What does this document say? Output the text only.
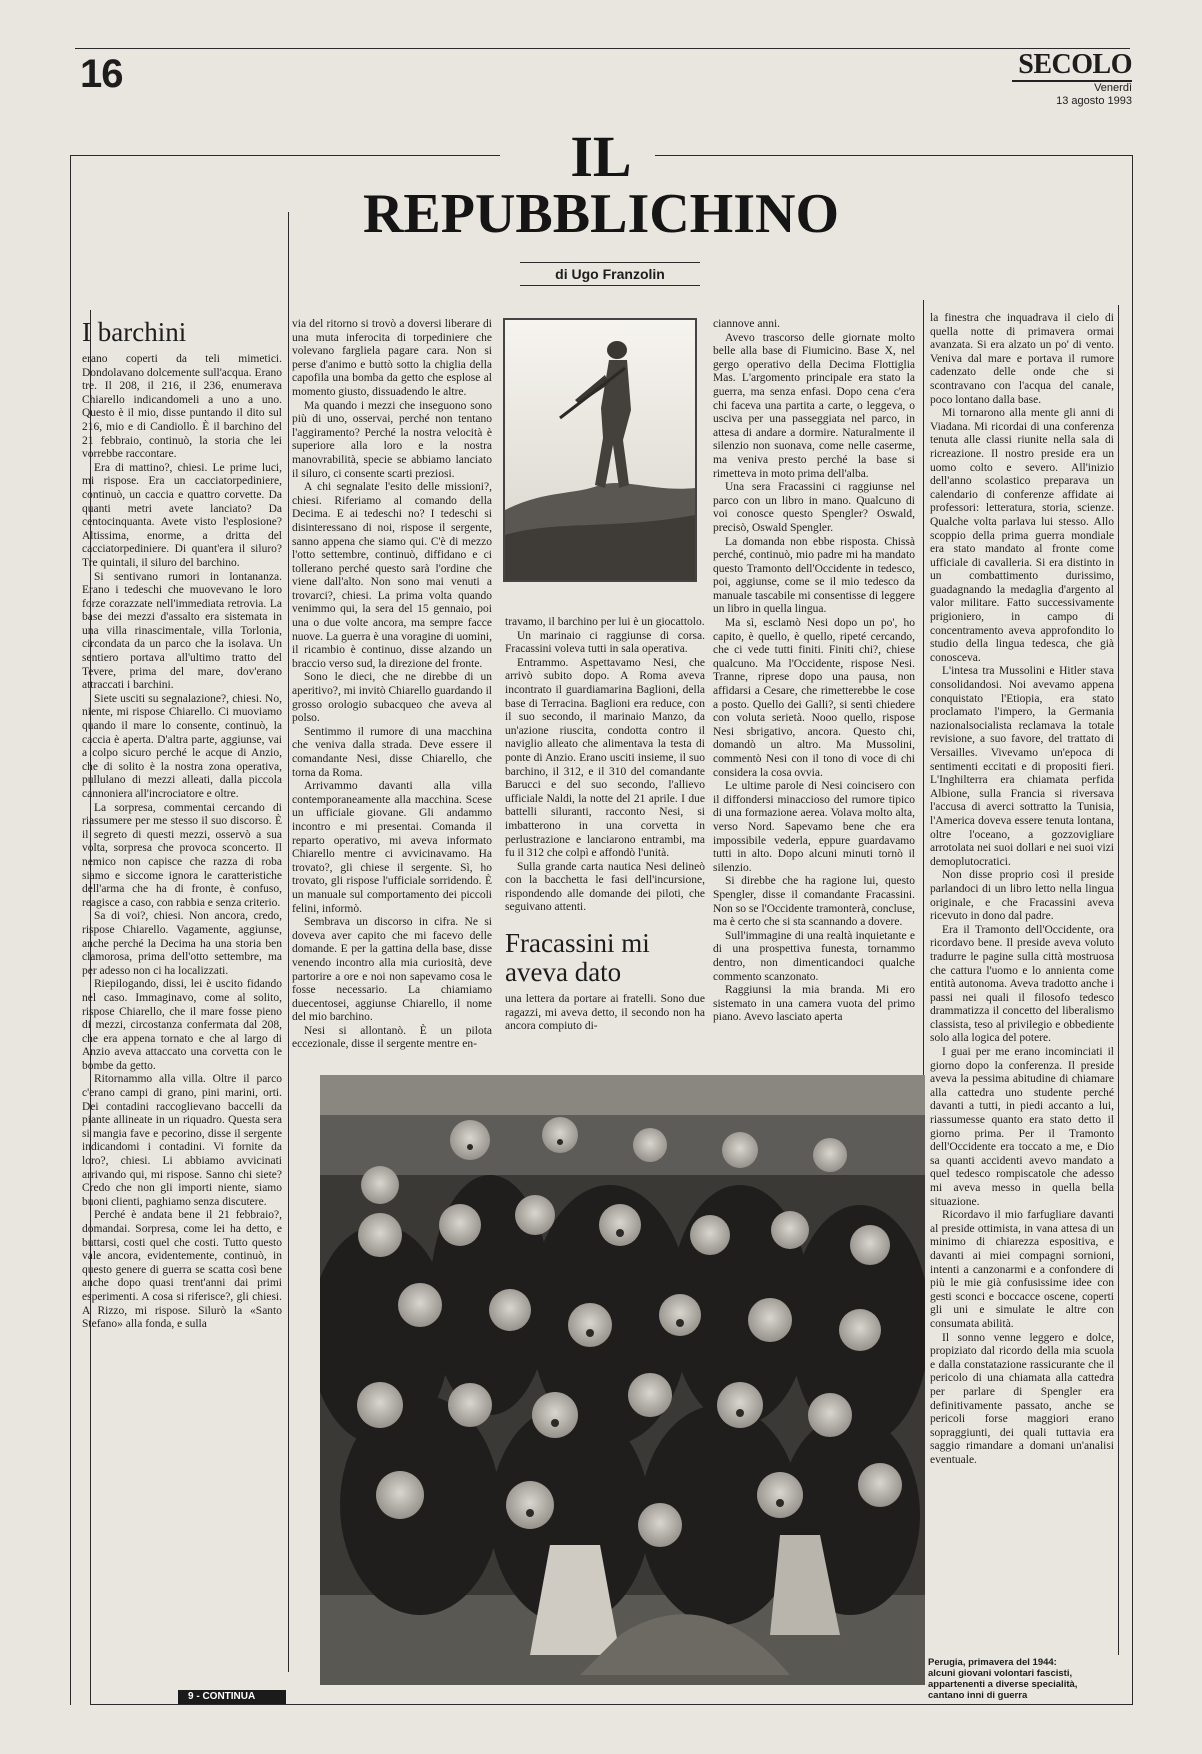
16	SECOLO
Venerdì
13 agosto 1993
IL
REPUBBLICHINO
di Ugo Franzolin
I barchini

erano coperti da teli mimetici. Dondolavano dolcemente sull'acqua. Erano tre. Il 208, il 216, il 236, enumerava Chiarello indicandomeli a uno a uno. Questo è il mio, disse puntando il dito sul 216, mio e di Candiollo. È il barchino del 21 febbraio, continuò, la storia che lei vorrebbe raccontare.

Era di mattino?, chiesi. Le prime luci, mi rispose. Era un cacciatorpediniere, continuò, un caccia e quattro corvette. Da quanti metri avete lanciato? Da centocinquanta. Avete visto l'esplosione? Altissima, enorme, a dritta del cacciatorpediniere. Di quant'era il siluro? Tre quintali, il siluro del barchino.

Si sentivano rumori in lontananza. Erano i tedeschi che muovevano le loro forze corazzate nell'immediata retrovia. La base dei mezzi d'assalto era sistemata in una villa rinascimentale, villa Torlonia, circondata da un parco che la isolava. Un sentiero portava all'ultimo tratto del Tevere, prima del mare, dov'erano attraccati i barchini.

Siete usciti su segnalazione?, chiesi. No, niente, mi rispose Chiarello. Ci muoviamo quando il mare lo consente, continuò, la caccia è aperta. D'altra parte, aggiunse, vai a colpo sicuro perché le acque di Anzio, che di solito è la nostra zona operativa, pullulano di mezzi alleati, dalla piccola cannoniera all'incrociatore e oltre.

La sorpresa, commentai cercando di riassumere per me stesso il suo discorso. È il segreto di questi mezzi, osservò a sua volta, sorpresa che provoca sconcerto. Il nemico non capisce che razza di roba siamo e siccome ignora le caratteristiche dell'arma che ha di fronte, è confuso, reagisce a caso, con rabbia e senza criterio.

Sa di voi?, chiesi. Non ancora, credo, rispose Chiarello. Vagamente, aggiunse, anche perché la Decima ha una storia ben clamorosa, prima dell'otto settembre, ma per adesso non ci ha localizzati.

Riepilogando, dissi, lei è uscito fidando nel caso. Immaginavo, come al solito, rispose Chiarello, che il mare fosse pieno di mezzi, circostanza confermata dal 208, che era appena tornato e che al largo di Anzio aveva attaccato una corvetta con le bombe da getto.

Ritornammo alla villa. Oltre il parco c'erano campi di grano, pini marini, orti. Dei contadini raccoglievano baccelli da piante allineate in un riquadro. Questa sera si mangia fave e pecorino, disse il sergente indicandomi i contadini. Vi fornite da loro?, chiesi. Li abbiamo avvicinati arrivando qui, mi rispose. Sanno chi siete? Credo che non gli importi niente, siamo buoni clienti, paghiamo senza discutere.

Perché è andata bene il 21 febbraio?, domandai. Sorpresa, come lei ha detto, e buttarsi, costi quel che costi. Tutto questo vale ancora, evidentemente, continuò, in questo genere di guerra se scatta così bene anche dopo quasi trent'anni dai primi esperimenti. A cosa si riferisce?, gli chiesi. A Rizzo, mi rispose. Silurò la «Santo Stefano» alla fonda, e sulla

via del ritorno si trovò a doversi liberare di una muta inferocita di torpediniere che volevano fargliela pagare cara. Non si perse d'animo e buttò sotto la chiglia della capofila una bomba da getto che esplose al momento giusto, dissuadendo le altre.

Ma quando i mezzi che inseguono sono più di uno, osservai, perché non tentano l'aggiramento? Perché la nostra velocità è superiore alla loro e la nostra manovrabilità, specie se abbiamo lanciato il siluro, ci consente scarti preziosi.

A chi segnalate l'esito delle missioni?, chiesi. Riferiamo al comando della Decima. E ai tedeschi no? I tedeschi si disinteressano di noi, rispose il sergente, sanno appena che siamo qui. C'è di mezzo l'otto settembre, continuò, diffidano e ci tollerano perché questo sarà l'ordine che viene dall'alto. Non sono mai venuti a trovarci?, chiesi. La prima volta quando venimmo qui, la sera del 15 gennaio, poi una o due volte ancora, ma sempre facce nuove. La guerra è una voragine di uomini, il ricambio è continuo, disse alzando un braccio verso sud, la direzione del fronte.

Sono le dieci, che ne direbbe di un aperitivo?, mi invitò Chiarello guardando il grosso orologio subacqueo che aveva al polso.

Sentimmo il rumore di una macchina che veniva dalla strada. Deve essere il comandante Nesi, disse Chiarello, che torna da Roma.

Arrivammo davanti alla villa contemporaneamente alla macchina. Scese un ufficiale giovane. Gli andammo incontro e mi presentai. Comanda il reparto operativo, mi aveva informato Chiarello mentre ci avvicinavamo. Ha trovato?, gli chiese il sergente. Sì, ho trovato, gli rispose l'ufficiale sorridendo. È un manuale sul comportamento dei piccoli felini, informò.

Sembrava un discorso in cifra. Ne si doveva aver capito che mi facevo delle domande. E per la gattina della base, disse venendo incontro alla mia curiosità, deve partorire a ore e noi non sapevamo cosa le fosse necessario. La chiamiamo duecentosei, aggiunse Chiarello, il nome del mio barchino.

Nesi si allontanò. È un pilota eccezionale, disse il sergente mentre en-

travamo, il barchino per lui è un giocattolo.

Un marinaio ci raggiunse di corsa. Fracassini voleva tutti in sala operativa.

Entrammo. Aspettavamo Nesi, che arrivò subito dopo. A Roma aveva incontrato il guardiamarina Baglioni, della base di Terracina. Baglioni era reduce, con il suo secondo, il marinaio Manzo, da un'azione riuscita, condotta contro il naviglio alleato che alimentava la testa di ponte di Anzio. Erano usciti insieme, il suo barchino, il 312, e il 310 del comandante Barucci e del suo secondo, l'allievo ufficiale Naldi, la notte del 21 aprile. I due battelli siluranti, racconto Nesi, si imbatterono in una corvetta in perlustrazione e lanciarono entrambi, ma fu il 312 che colpì e affondò l'unità.

Sulla grande carta nautica Nesi delineò con la bacchetta le fasi dell'incursione, rispondendo alle domande dei piloti, che seguivano attenti.

Fracassini mi aveva dato

una lettera da portare ai fratelli. Sono due ragazzi, mi aveva detto, il secondo non ha ancora compiuto di-

ciannove anni.

Avevo trascorso delle giornate molto belle alla base di Fiumicino. Base X, nel gergo operativo della Decima Flottiglia Mas. L'argomento principale era stato la guerra, ma senza enfasi. Dopo cena c'era chi faceva una partita a carte, o leggeva, o usciva per una passeggiata nel parco, in attesa di andare a dormire. Naturalmente il silenzio non suonava, come nelle caserme, ma veniva presto perché la base si rimetteva in moto prima dell'alba.

Una sera Fracassini ci raggiunse nel parco con un libro in mano. Qualcuno di voi conosce questo Spengler? Oswald, precisò, Oswald Spengler.

La domanda non ebbe risposta. Chissà perché, continuò, mio padre mi ha mandato questo Tramonto dell'Occidente in tedesco, poi, aggiunse, come se il mio tedesco da manuale tascabile mi consentisse di leggere un libro in quella lingua.

Ma sì, esclamò Nesi dopo un po', ho capito, è quello, è quello, ripeté cercando, che ci vede tutti finiti. Finiti chi?, chiese qualcuno. Ma l'Occidente, rispose Nesi. Tranne, riprese dopo una pausa, non affidarsi a Cesare, che rimetterebbe le cose a posto. Quello dei Galli?, si sentì chiedere con voluta serietà. Nooo quello, rispose Nesi sbrigativo, ancora. Questo chi, domandò un altro. Ma Mussolini, commentò Nesi con il tono di voce di chi considera la cosa ovvia.

Le ultime parole di Nesi coincisero con il diffondersi minaccioso del rumore tipico di una formazione aerea. Volava molto alta, verso Nord. Sapevamo bene che era impossibile vederla, eppure guardavamo tutti in alto. Dopo alcuni minuti tornò il silenzio.

Si direbbe che ha ragione lui, questo Spengler, disse il comandante Fracassini. Non so se l'Occidente tramonterà, concluse, ma è certo che si sta scannando a dovere.

Sull'immagine di una realtà inquietante e di una prospettiva funesta, tornammo dentro, non dimenticandoci qualche commento scanzonato.

Raggiunsi la mia branda. Mi ero sistemato in una camera vuota del primo piano. Avevo lasciato aperta

la finestra che inquadrava il cielo di quella notte di primavera ormai avanzata. Si era alzato un po' di vento. Veniva dal mare e portava il rumore cadenzato delle onde che si scontravano con l'acqua del canale, poco lontano dalla base.

Mi tornarono alla mente gli anni di Viadana. Mi ricordai di una conferenza tenuta alle classi riunite nella sala di ricreazione. Il nostro preside era un uomo colto e severo. All'inizio dell'anno scolastico preparava un calendario di conferenze affidate ai professori: letteratura, storia, scienze. Qualche volta parlava lui stesso. Allo scoppio della prima guerra mondiale era stato mandato al fronte come ufficiale di cavalleria. Si era distinto in un combattimento durissimo, guadagnando la medaglia d'argento al valor militare. Fatto successivamente prigioniero, in campo di concentramento aveva approfondito lo studio della lingua tedesca, che già conosceva.

L'intesa tra Mussolini e Hitler stava consolidandosi. Noi avevamo appena conquistato l'Etiopia, era stato proclamato l'impero, la Germania nazionalsocialista reclamava la totale revisione, a suo favore, del trattato di Versailles. Vivevamo un'epoca di sentimenti eccitati e di propositi fieri. L'Inghilterra era chiamata perfida Albione, sulla Francia si riversava l'accusa di averci sottratto la Tunisia, l'America doveva essere tenuta lontana, oltre l'oceano, a gozzovigliare arrotolata nei suoi dollari e nei suoi vizi demoplutocratici.

Non disse proprio così il preside parlandoci di un libro letto nella lingua originale, e che Fracassini aveva ricevuto in dono dal padre.

Era il Tramonto dell'Occidente, ora ricordavo bene. Il preside aveva voluto tradurre le pagine sulla città mostruosa che cattura l'uomo e lo annienta come entità autonoma. Aveva tradotto anche i passi nei quali il filosofo tedesco drammatizza il concetto del liberalismo classista, teso al privilegio e obbediente solo alla logica del potere.

I guai per me erano incominciati il giorno dopo la conferenza. Il preside aveva la pessima abitudine di chiamare alla cattedra uno studente perché davanti a tutti, in piedi accanto a lui, riassumesse quanto era stato detto il giorno prima. Per il Tramonto dell'Occidente era toccato a me, e Dio sa quanti accidenti avevo mandato a quel tedesco rompiscatole che adesso mi aveva messo in quella bella situazione.

Ricordavo il mio farfugliare davanti al preside ottimista, in vana attesa di un minimo di chiarezza espositiva, e davanti ai miei compagni sornioni, intenti a canzonarmi e a confondere di più le mie già confusissime idee con gesti sconci e boccacce oscene, coperti gli uni e simulate le altre con consumata abilità.

Il sonno venne leggero e dolce, propiziato dal ricordo della mia scuola e dalla constatazione rassicurante che il pericolo di una chiamata alla cattedra per parlare di Spengler era definitivamente passato, anche se pericoli forse maggiori erano sopraggiunti, dei quali tuttavia era saggio rimandare a domani un'analisi eventuale.

Perugia, primavera del 1944: alcuni giovani volontari fascisti, appartenenti a diverse specialità, cantano inni di guerra
9 - CONTINUA
